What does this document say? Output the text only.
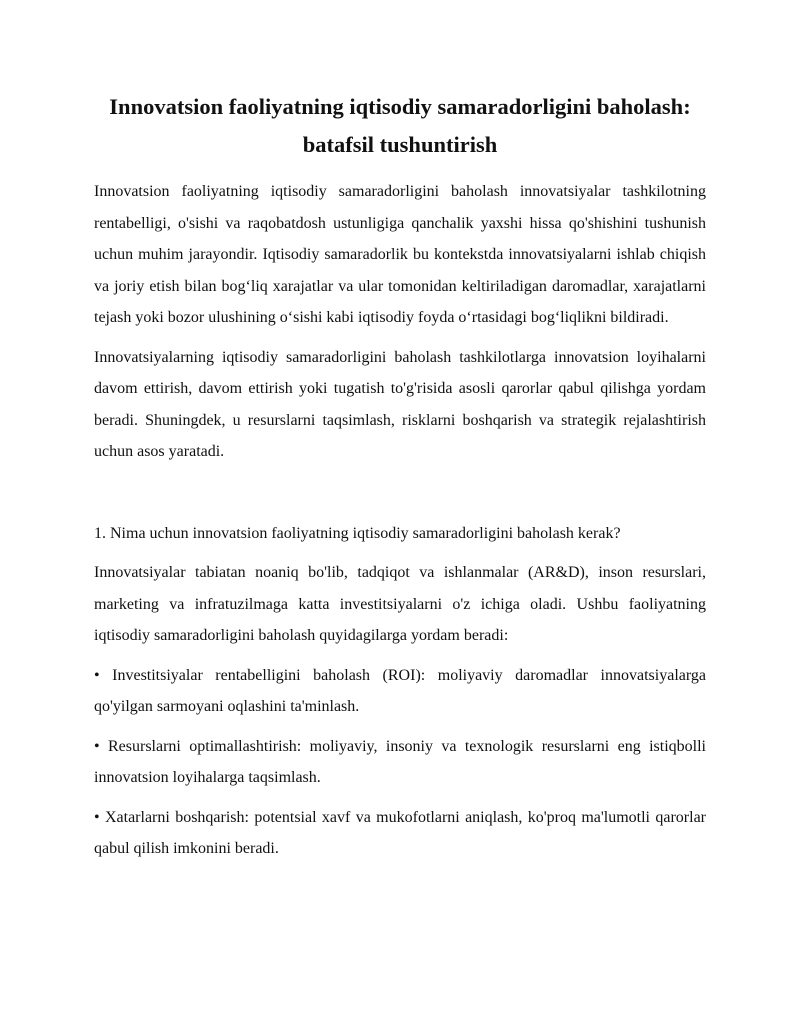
Innovatsion faoliyatning iqtisodiy samaradorligini baholash: batafsil tushuntirish

Innovatsion faoliyatning iqtisodiy samaradorligini baholash innovatsiyalar tashkilotning rentabelligi, o'sishi va raqobatdosh ustunligiga qanchalik yaxshi hissa qo'shishini tushunish uchun muhim jarayondir. Iqtisodiy samaradorlik bu kontekstda innovatsiyalarni ishlab chiqish va joriy etish bilan bogʻliq xarajatlar va ular tomonidan keltiriladigan daromadlar, xarajatlarni tejash yoki bozor ulushining oʻsishi kabi iqtisodiy foyda oʻrtasidagi bogʻliqlikni bildiradi.

Innovatsiyalarning iqtisodiy samaradorligini baholash tashkilotlarga innovatsion loyihalarni davom ettirish, davom ettirish yoki tugatish to'g'risida asosli qarorlar qabul qilishga yordam beradi. Shuningdek, u resurslarni taqsimlash, risklarni boshqarish va strategik rejalashtirish uchun asos yaratadi.

1. Nima uchun innovatsion faoliyatning iqtisodiy samaradorligini baholash kerak?

Innovatsiyalar tabiatan noaniq bo'lib, tadqiqot va ishlanmalar (AR&D), inson resurslari, marketing va infratuzilmaga katta investitsiyalarni o'z ichiga oladi. Ushbu faoliyatning iqtisodiy samaradorligini baholash quyidagilarga yordam beradi:

• Investitsiyalar rentabelligini baholash (ROI): moliyaviy daromadlar innovatsiyalarga qo'yilgan sarmoyani oqlashini ta'minlash.

• Resurslarni optimallashtirish: moliyaviy, insoniy va texnologik resurslarni eng istiqbolli innovatsion loyihalarga taqsimlash.

• Xatarlarni boshqarish: potentsial xavf va mukofotlarni aniqlash, ko'proq ma'lumotli qarorlar qabul qilish imkonini beradi.
